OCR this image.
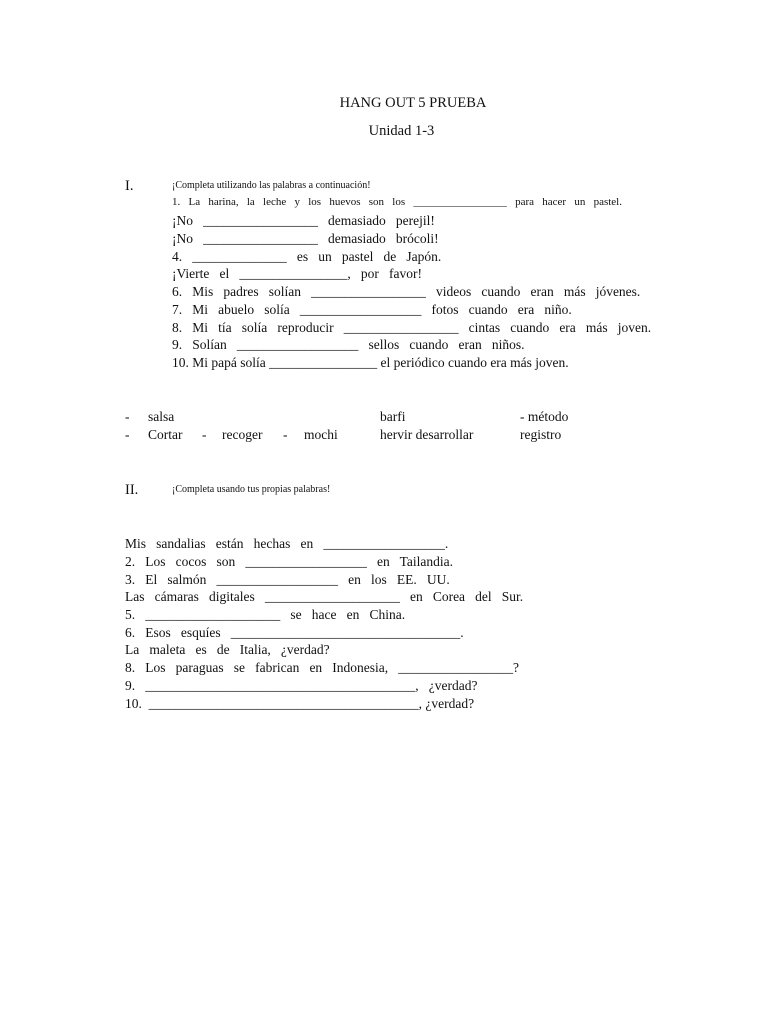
HANG OUT 5 PRUEBA
Unidad 1-3
I.	¡Completa utilizando las palabras a continuación!
1.   La   harina,   la   leche   y   los   huevos   son   los   _________________   para   hacer   un   pastel.
¡No   _________________   demasiado   perejil!
¡No   _________________   demasiado   brócoli!
4.   ______________   es   un   pastel   de   Japón.
¡Vierte   el   ________________,   por   favor!
6.   Mis   padres   solían   _________________   videos   cuando   eran   más   jóvenes.
7.   Mi   abuelo   solía   __________________   fotos   cuando   era   niño.
8.   Mi   tía   solía   reproducir   _________________   cintas   cuando   era   más   joven.
9.   Solían   __________________   sellos   cuando   eran   niños.
10. Mi papá solía ________________ el periódico cuando era más joven.
- salsa	barfi	- método
- Cortar - recoger - mochi	hervir desarrollar	registro
II.	¡Completa usando tus propias palabras!
Mis   sandalias   están   hechas   en   __________________.
2.   Los   cocos   son   __________________   en   Tailandia.
3.   El   salmón   __________________   en   los   EE.   UU.
Las   cámaras   digitales   ____________________   en   Corea   del   Sur.
5.   ____________________   se   hace   en   China.
6.   Esos   esquíes   __________________________________.
La   maleta   es   de   Italia,   ¿verdad?
8.   Los   paraguas   se   fabrican   en   Indonesia,   _________________?
9.   ________________________________________,   ¿verdad?
10.  ________________________________________, ¿verdad?
